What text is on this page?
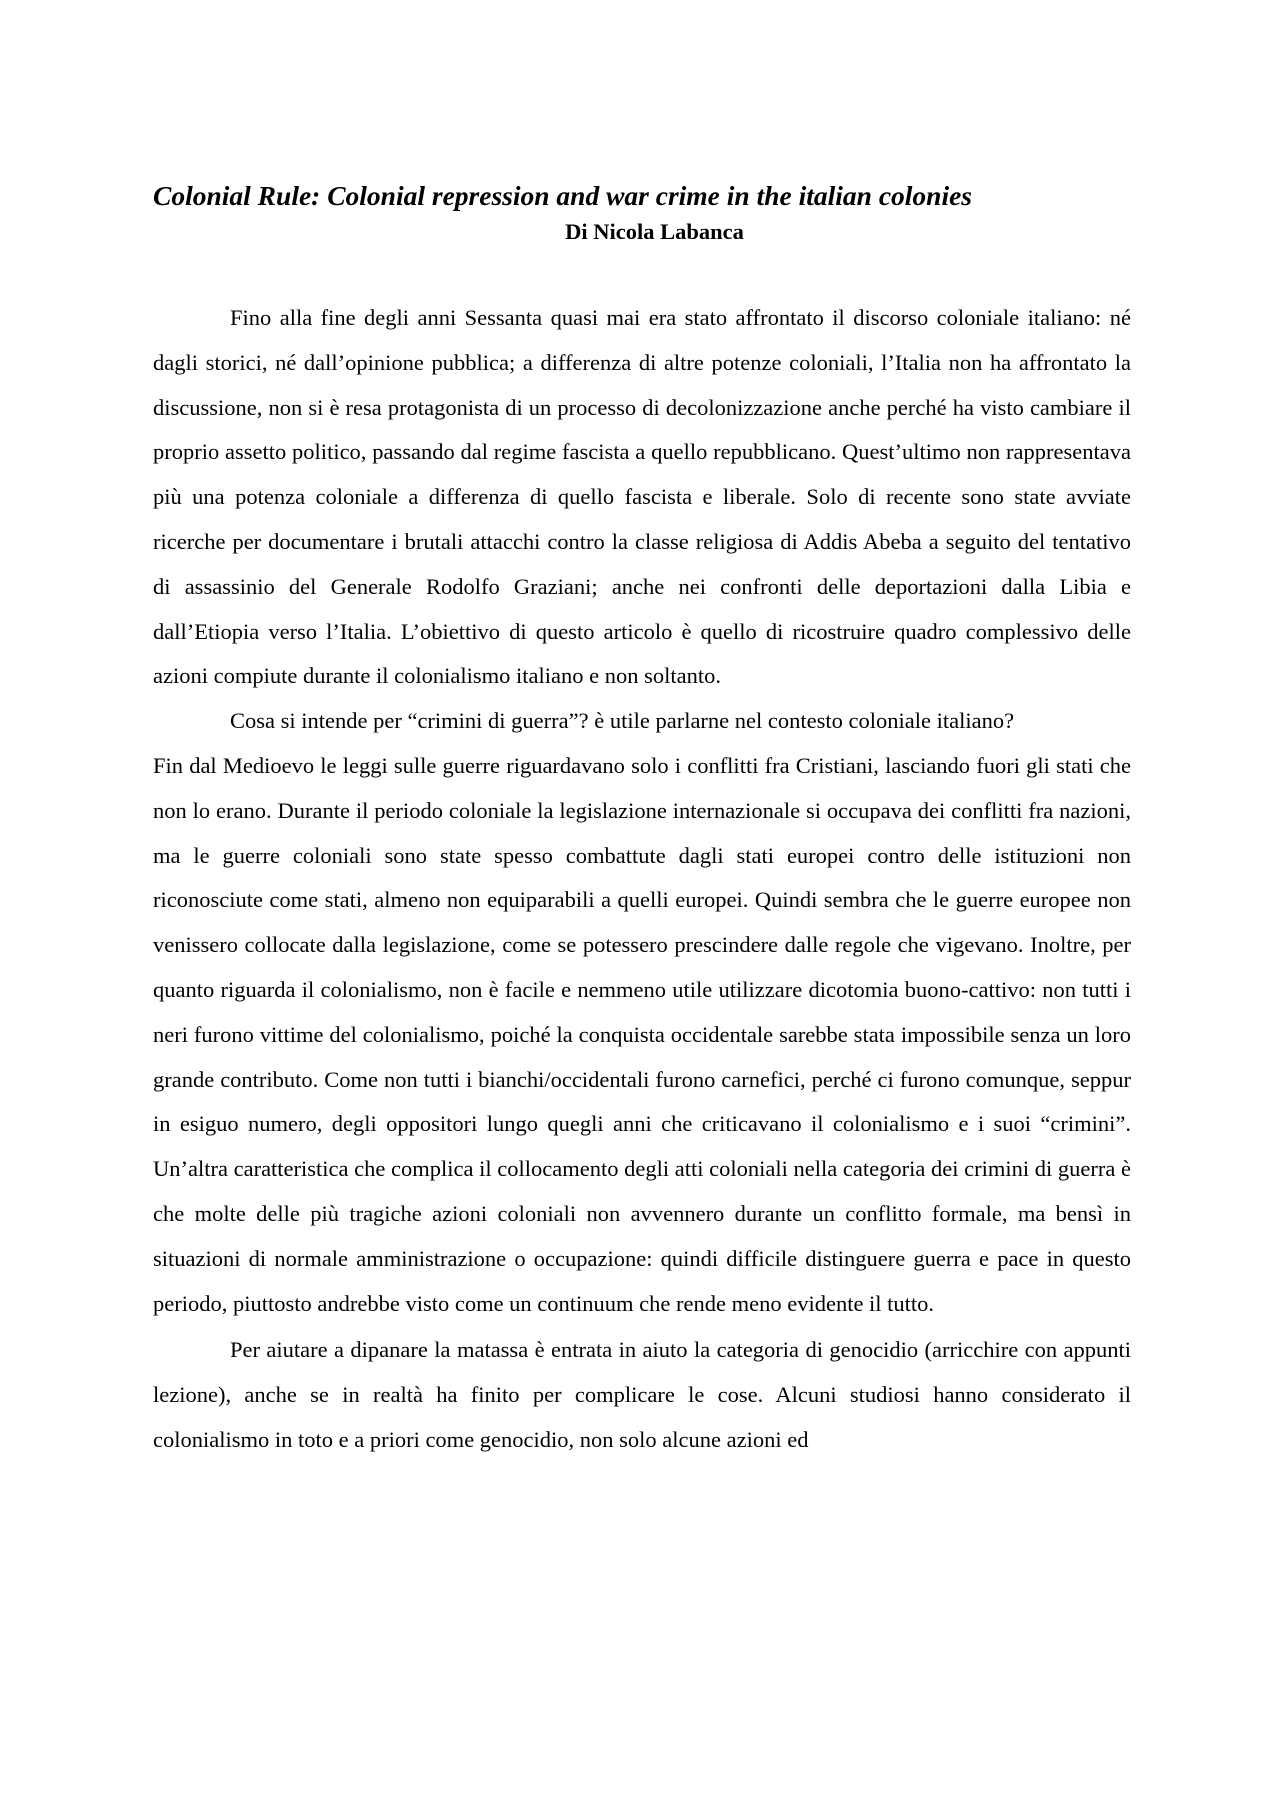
Colonial Rule: Colonial repression and war crime in the italian colonies

Di Nicola Labanca

Fino alla fine degli anni Sessanta quasi mai era stato affrontato il discorso coloniale italiano: né dagli storici, né dall’opinione pubblica; a differenza di altre potenze coloniali, l’Italia non ha affrontato la discussione, non si è resa protagonista di un processo di decolonizzazione anche perché ha visto cambiare il proprio assetto politico, passando dal regime fascista a quello repubblicano. Quest’ultimo non rappresentava più una potenza coloniale a differenza di quello fascista e liberale. Solo di recente sono state avviate ricerche per documentare i brutali attacchi contro la classe religiosa di Addis Abeba a seguito del tentativo di assassinio del Generale Rodolfo Graziani; anche nei confronti delle deportazioni dalla Libia e dall’Etiopia verso l’Italia. L’obiettivo di questo articolo è quello di ricostruire quadro complessivo delle azioni compiute durante il colonialismo italiano e non soltanto.

Cosa si intende per “crimini di guerra”? è utile parlarne nel contesto coloniale italiano?

Fin dal Medioevo le leggi sulle guerre riguardavano solo i conflitti fra Cristiani, lasciando fuori gli stati che non lo erano. Durante il periodo coloniale la legislazione internazionale si occupava dei conflitti fra nazioni, ma le guerre coloniali sono state spesso combattute dagli stati europei contro delle istituzioni non riconosciute come stati, almeno non equiparabili a quelli europei. Quindi sembra che le guerre europee non venissero collocate dalla legislazione, come se potessero prescindere dalle regole che vigevano. Inoltre, per quanto riguarda il colonialismo, non è facile e nemmeno utile utilizzare dicotomia buono-cattivo: non tutti i neri furono vittime del colonialismo, poiché la conquista occidentale sarebbe stata impossibile senza un loro grande contributo. Come non tutti i bianchi/occidentali furono carnefici, perché ci furono comunque, seppur in esiguo numero, degli oppositori lungo quegli anni che criticavano il colonialismo e i suoi “crimini”. Un’altra caratteristica che complica il collocamento degli atti coloniali nella categoria dei crimini di guerra è che molte delle più tragiche azioni coloniali non avvennero durante un conflitto formale, ma bensì in situazioni di normale amministrazione o occupazione: quindi difficile distinguere guerra e pace in questo periodo, piuttosto andrebbe visto come un continuum che rende meno evidente il tutto.

Per aiutare a dipanare la matassa è entrata in aiuto la categoria di genocidio (arricchire con appunti lezione), anche se in realtà ha finito per complicare le cose. Alcuni studiosi hanno considerato il colonialismo in toto e a priori come genocidio, non solo alcune azioni ed
